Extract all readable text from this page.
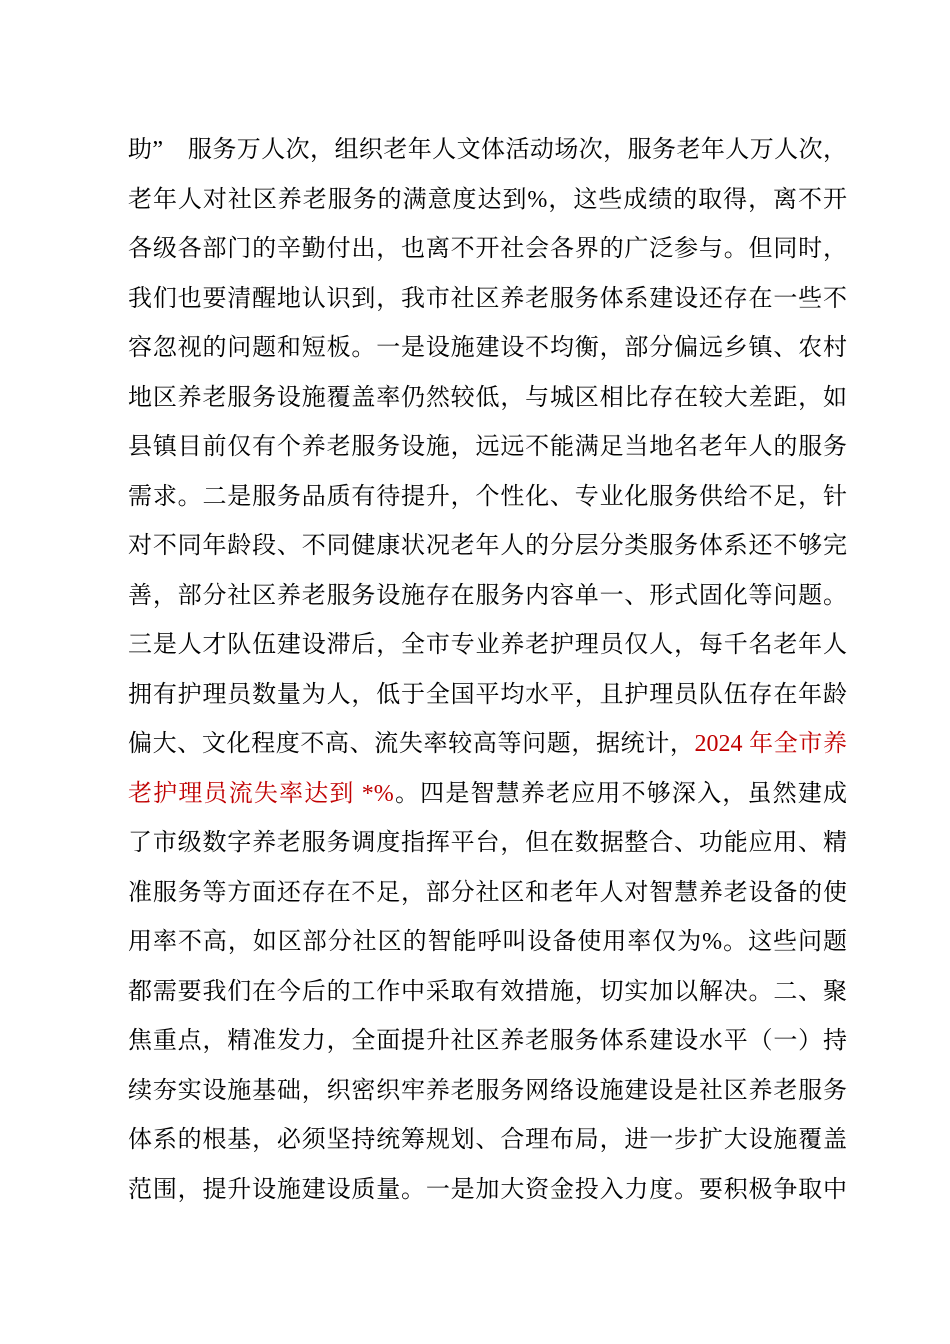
助”　服务万人次，组织老年人文体活动场次，服务老年人万人次，
老年人对社区养老服务的满意度达到%，这些成绩的取得，离不开
各级各部门的辛勤付出，也离不开社会各界的广泛参与。但同时，
我们也要清醒地认识到，我市社区养老服务体系建设还存在一些不
容忽视的问题和短板。一是设施建设不均衡，部分偏远乡镇、农村
地区养老服务设施覆盖率仍然较低，与城区相比存在较大差距，如
县镇目前仅有个养老服务设施，远远不能满足当地名老年人的服务
需求。二是服务品质有待提升，个性化、专业化服务供给不足，针
对不同年龄段、不同健康状况老年人的分层分类服务体系还不够完
善，部分社区养老服务设施存在服务内容单一、形式固化等问题。
三是人才队伍建设滞后，全市专业养老护理员仅人，每千名老年人
拥有护理员数量为人，低于全国平均水平，且护理员队伍存在年龄
偏大、文化程度不高、流失率较高等问题，据统计，2024 年全市养
老护理员流失率达到 *%。四是智慧养老应用不够深入，虽然建成
了市级数字养老服务调度指挥平台，但在数据整合、功能应用、精
准服务等方面还存在不足，部分社区和老年人对智慧养老设备的使
用率不高，如区部分社区的智能呼叫设备使用率仅为%。这些问题
都需要我们在今后的工作中采取有效措施，切实加以解决。二、聚
焦重点，精准发力，全面提升社区养老服务体系建设水平（一）持
续夯实设施基础，织密织牢养老服务网络设施建设是社区养老服务
体系的根基，必须坚持统筹规划、合理布局，进一步扩大设施覆盖
范围，提升设施建设质量。一是加大资金投入力度。要积极争取中
